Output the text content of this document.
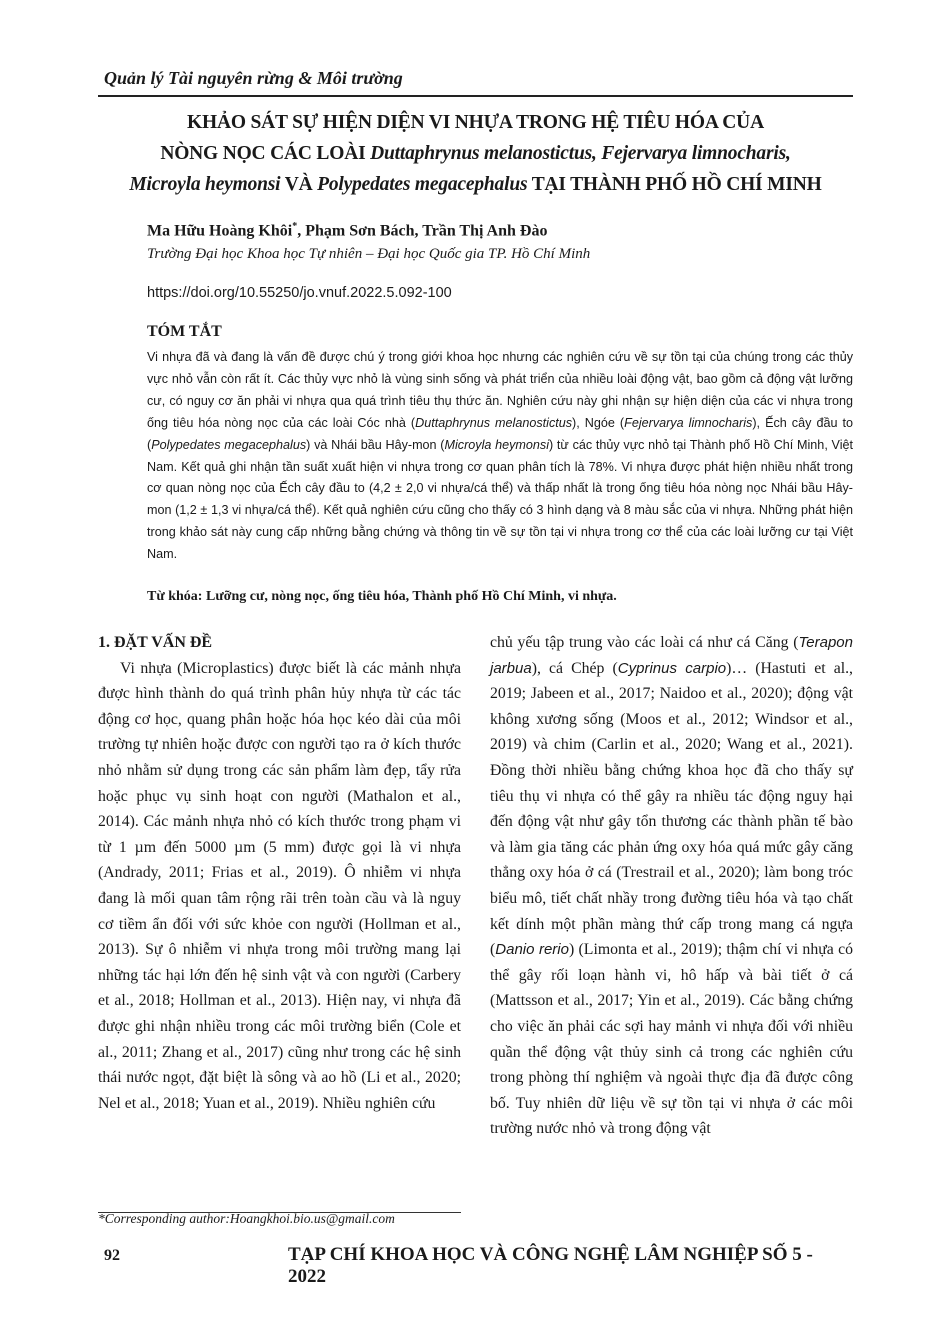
Quản lý Tài nguyên rừng & Môi trường
KHẢO SÁT SỰ HIỆN DIỆN VI NHỰA TRONG HỆ TIÊU HÓA CỦA
NÒNG NỌC CÁC LOÀI Duttaphrynus melanostictus, Fejervarya limnocharis,
Microyla heymonsi VÀ Polypedates megacephalus TẠI THÀNH PHỐ HỒ CHÍ MINH
Ma Hữu Hoàng Khôi*, Phạm Sơn Bách, Trần Thị Anh Đào
Trường Đại học Khoa học Tự nhiên – Đại học Quốc gia TP. Hồ Chí Minh
https://doi.org/10.55250/jo.vnuf.2022.5.092-100
TÓM TẮT

Vi nhựa đã và đang là vấn đề được chú ý trong giới khoa học nhưng các nghiên cứu về sự tồn tại của chúng trong các thủy vực nhỏ vẫn còn rất ít. Các thủy vực nhỏ là vùng sinh sống và phát triển của nhiều loài động vật, bao gồm cả động vật lưỡng cư, có nguy cơ ăn phải vi nhựa qua quá trình tiêu thụ thức ăn. Nghiên cứu này ghi nhận sự hiện diện của các vi nhựa trong ống tiêu hóa nòng nọc của các loài Cóc nhà (Duttaphrynus melanostictus), Ngóe (Fejervarya limnocharis), Ếch cây đầu to (Polypedates megacephalus) và Nhái bầu Hây-mon (Microyla heymonsi) từ các thủy vực nhỏ tại Thành phố Hồ Chí Minh, Việt Nam. Kết quả ghi nhận tần suất xuất hiện vi nhựa trong cơ quan phân tích là 78%. Vi nhựa được phát hiện nhiều nhất trong cơ quan nòng nọc của Ếch cây đầu to (4,2 ± 2,0 vi nhựa/cá thể) và thấp nhất là trong ống tiêu hóa nòng nọc Nhái bầu Hây-mon (1,2 ± 1,3 vi nhựa/cá thể). Kết quả nghiên cứu cũng cho thấy có 3 hình dạng và 8 màu sắc của vi nhựa. Những phát hiện trong khảo sát này cung cấp những bằng chứng và thông tin về sự tồn tại vi nhựa trong cơ thể của các loài lưỡng cư tại Việt Nam.

Từ khóa: Lưỡng cư, nòng nọc, ống tiêu hóa, Thành phố Hồ Chí Minh, vi nhựa.

1. ĐẶT VẤN ĐỀ

Vi nhựa (Microplastics) được biết là các mảnh nhựa được hình thành do quá trình phân hủy nhựa từ các tác động cơ học, quang phân hoặc hóa học kéo dài của môi trường tự nhiên hoặc được con người tạo ra ở kích thước nhỏ nhằm sử dụng trong các sản phẩm làm đẹp, tẩy rửa hoặc phục vụ sinh hoạt con người (Mathalon et al., 2014). Các mảnh nhựa nhỏ có kích thước trong phạm vi từ 1 µm đến 5000 µm (5 mm) được gọi là vi nhựa (Andrady, 2011; Frias et al., 2019). Ô nhiễm vi nhựa đang là mối quan tâm rộng rãi trên toàn cầu và là nguy cơ tiềm ẩn đối với sức khỏe con người (Hollman et al., 2013). Sự ô nhiễm vi nhựa trong môi trường mang lại những tác hại lớn đến hệ sinh vật và con người (Carbery et al., 2018; Hollman et al., 2013). Hiện nay, vi nhựa đã được ghi nhận nhiều trong các môi trường biển (Cole et al., 2011; Zhang et al., 2017) cũng như trong các hệ sinh thái nước ngọt, đặt biệt là sông và ao hồ (Li et al., 2020; Nel et al., 2018; Yuan et al., 2019). Nhiều nghiên cứu

chủ yếu tập trung vào các loài cá như cá Căng (Terapon jarbua), cá Chép (Cyprinus carpio)… (Hastuti et al., 2019; Jabeen et al., 2017; Naidoo et al., 2020); động vật không xương sống (Moos et al., 2012; Windsor et al., 2019) và chim (Carlin et al., 2020; Wang et al., 2021). Đồng thời nhiều bằng chứng khoa học đã cho thấy sự tiêu thụ vi nhựa có thể gây ra nhiều tác động nguy hại đến động vật như gây tổn thương các thành phần tế bào và làm gia tăng các phản ứng oxy hóa quá mức gây căng thẳng oxy hóa ở cá (Trestrail et al., 2020); làm bong tróc biểu mô, tiết chất nhầy trong đường tiêu hóa và tạo chất kết dính một phần màng thứ cấp trong mang cá ngựa (Danio rerio) (Limonta et al., 2019); thậm chí vi nhựa có thể gây rối loạn hành vi, hô hấp và bài tiết ở cá (Mattsson et al., 2017; Yin et al., 2019). Các bằng chứng cho việc ăn phải các sợi hay mảnh vi nhựa đối với nhiều quần thể động vật thủy sinh cả trong các nghiên cứu trong phòng thí nghiệm và ngoài thực địa đã được công bố. Tuy nhiên dữ liệu về sự tồn tại vi nhựa ở các môi trường nước nhỏ và trong động vật

*Corresponding author:Hoangkhoi.bio.us@gmail.com
92	TẠP CHÍ KHOA HỌC VÀ CÔNG NGHỆ LÂM NGHIỆP SỐ 5 - 2022
